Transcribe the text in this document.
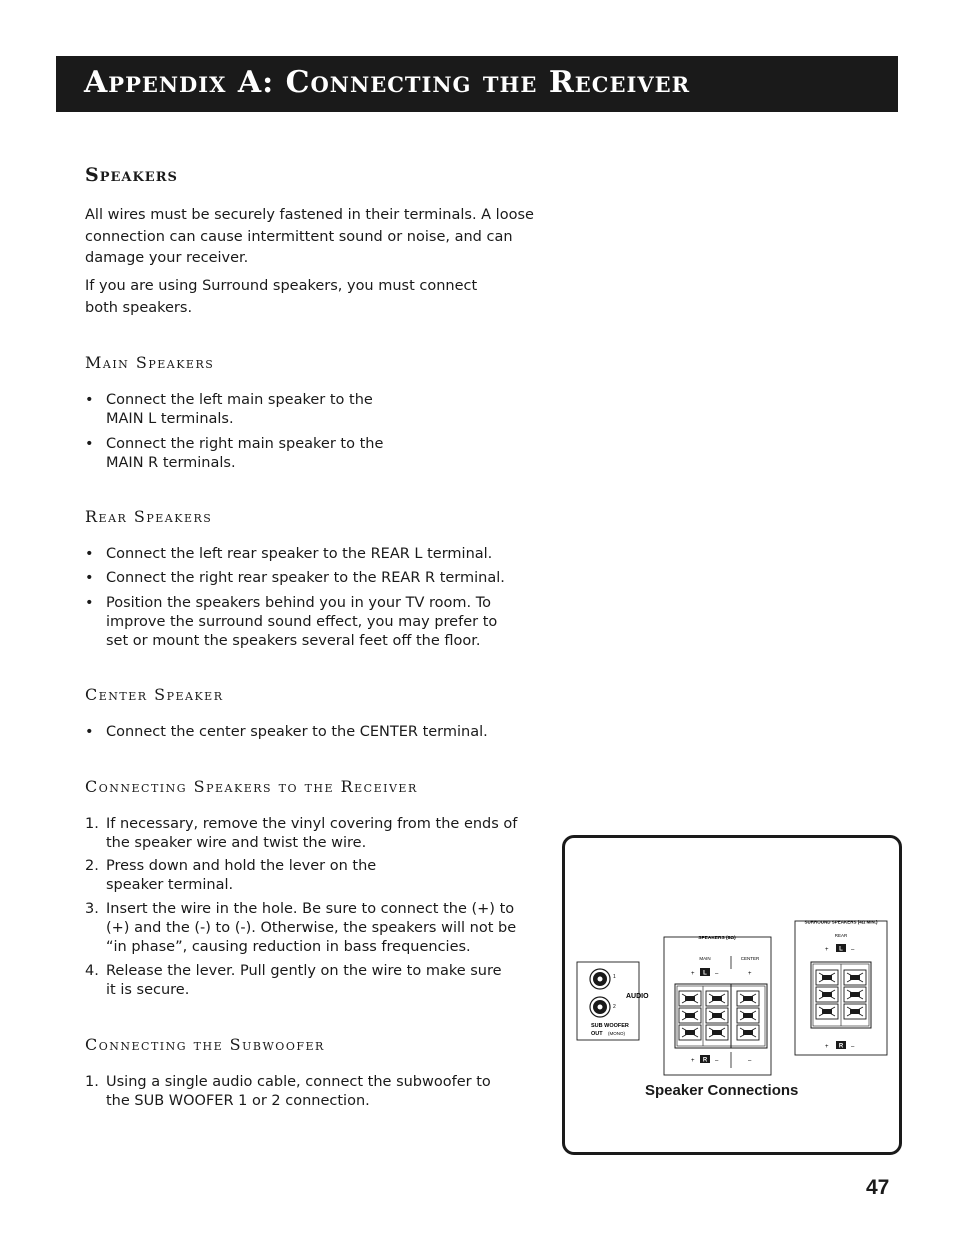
Appendix A: Connecting the Receiver
Speakers
All wires must be securely fastened in their terminals. A loose
connection can cause intermittent sound or noise, and can
damage your receiver.
If you are using Surround speakers, you must connect
both speakers.
Main Speakers
• Connect the left main speaker to the
MAIN L terminals.
• Connect the right main speaker to the
MAIN R terminals.
Rear Speakers
• Connect the left rear speaker to the REAR L terminal.
• Connect the right rear speaker to the REAR R terminal.
• Position the speakers behind you in your TV room. To
improve the surround sound effect, you may prefer to
set or mount the speakers several feet off the floor.
Center Speaker
• Connect the center speaker to the CENTER terminal.
Connecting Speakers to the Receiver
1. If necessary, remove the vinyl covering from the ends of
the speaker wire and twist the wire.
2. Press down and hold the lever on the
speaker terminal.
3. Insert the wire in the hole. Be sure to connect the (+) to
(+) and the (-) to (-). Otherwise, the speakers will not be
“in phase”, causing reduction in bass frequencies.
4. Release the lever. Pull gently on the wire to make sure
it is secure.
Connecting the Subwoofer
1. Using a single audio cable, connect the subwoofer to
the SUB WOOFER 1 or 2 connection.
1
2
AUDIO
SUB WOOFER
OUT (MONO)
SPEAKERS (8Ω)
MAIN	CENTER
+ L –	+
+ R –	–
SURROUND SPEAKERS (4Ω MIN.)
REAR
+ L –
+ R –
Speaker Connections
47
